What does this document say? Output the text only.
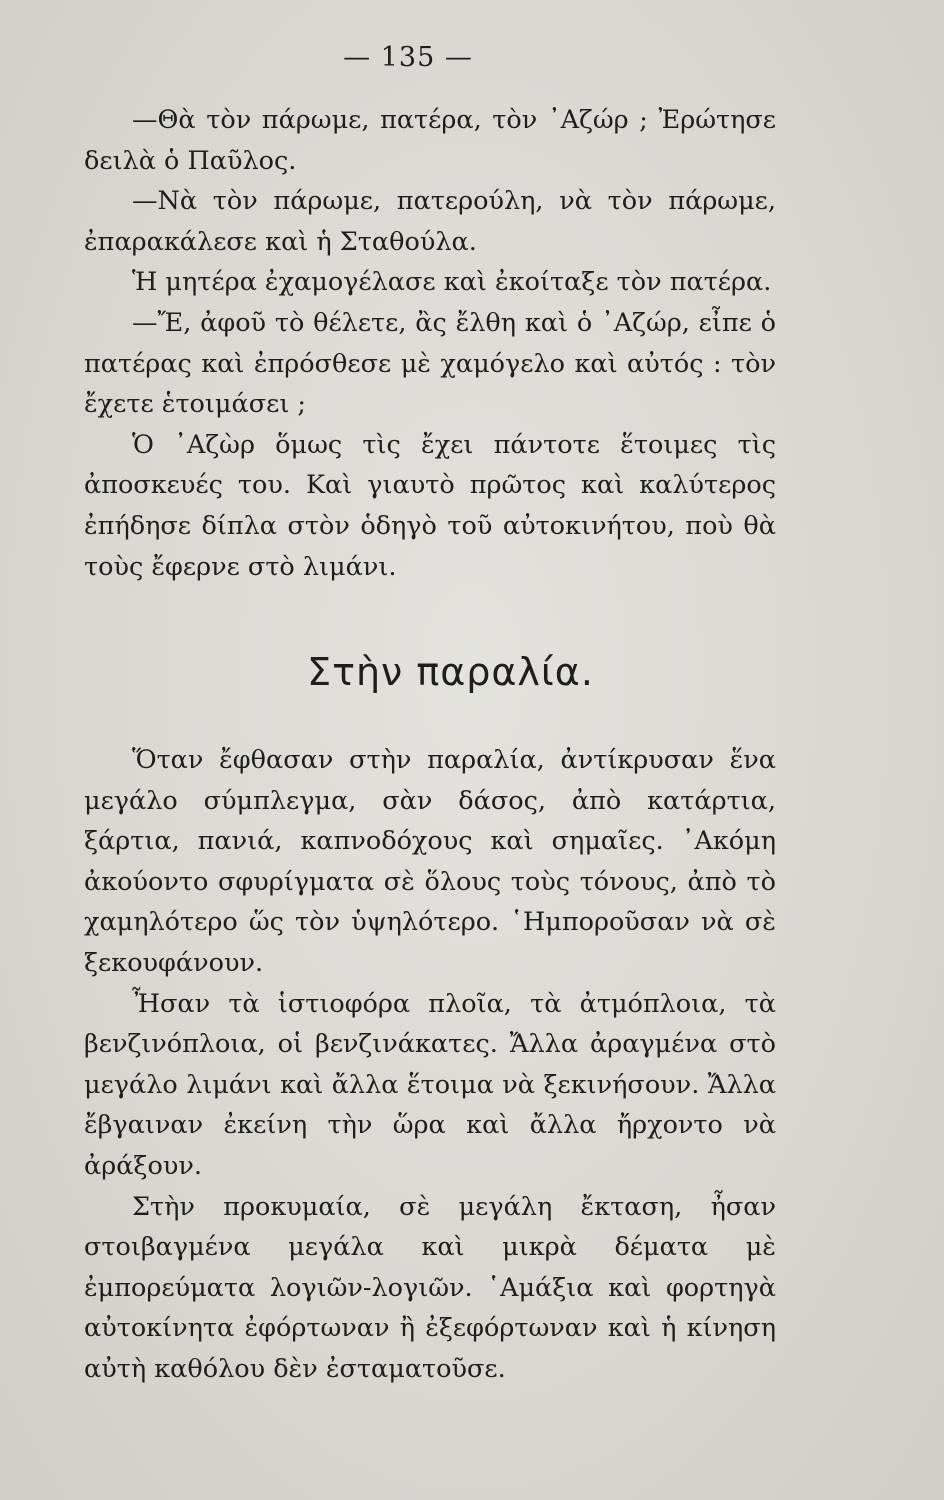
— 135 —

—Θὰ τὸν πάρωμε, πατέρα, τὸν ᾿Αζώρ ; Ἐρώτησε δειλὰ ὁ Παῦλος.

—Νὰ τὸν πάρωμε, πατερούλη, νὰ τὸν πάρωμε, ἐπαρακάλεσε καὶ ἡ Σταθούλα.

Ἡ μητέρα ἐχαμογέλασε καὶ ἐκοίταξε τὸν πατέρα.

—Ἔ, ἀφοῦ τὸ θέλετε, ἂς ἔλθη καὶ ὁ ᾿Αζώρ, εἶπε ὁ πατέρας καὶ ἐπρόσθεσε μὲ χαμόγελο καὶ αὐτός : τὸν ἔχετε ἑτοιμάσει ;

Ὁ ᾿Αζὼρ ὅμως τὶς ἔχει πάντοτε ἕτοιμες τὶς ἀποσκευές του. Καὶ γιαυτὸ πρῶτος καὶ καλύτερος ἐπήδησε δίπλα στὸν ὁδηγὸ τοῦ αὐτοκινήτου, ποὺ θὰ τοὺς ἔφερνε στὸ λιμάνι.

Στὴν παραλία.

Ὅταν ἔφθασαν στὴν παραλία, ἀντίκρυσαν ἕνα μεγάλο σύμπλεγμα, σὰν δάσος, ἀπὸ κατάρτια, ξάρτια, πανιά, καπνοδόχους καὶ σημαῖες. ᾿Ακόμη ἀκούοντο σφυρίγματα σὲ ὅλους τοὺς τόνους, ἀπὸ τὸ χαμηλότερο ὥς τὸν ὑψηλότερο. ῾Ημποροῦσαν νὰ σὲ ξεκουφάνουν.

Ἦσαν τὰ ἱστιοφόρα πλοῖα, τὰ ἀτμόπλοια, τὰ βενζινόπλοια, οἱ βενζινάκατες. Ἄλλα ἀραγμένα στὸ μεγάλο λιμάνι καὶ ἄλλα ἕτοιμα νὰ ξεκινήσουν. Ἄλλα ἔβγαιναν ἐκείνη τὴν ὥρα καὶ ἄλλα ἤρχοντο νὰ ἀράξουν.

Στὴν προκυμαία, σὲ μεγάλη ἔκταση, ἦσαν στοιβαγμένα μεγάλα καὶ μικρὰ δέματα μὲ ἐμπορεύματα λογιῶν-λογιῶν. ῾Αμάξια καὶ φορτηγὰ αὐτοκίνητα ἐφόρτωναν ἢ ἐξεφόρτωναν καὶ ἡ κίνηση αὐτὴ καθόλου δὲν ἐσταματοῦσε.
